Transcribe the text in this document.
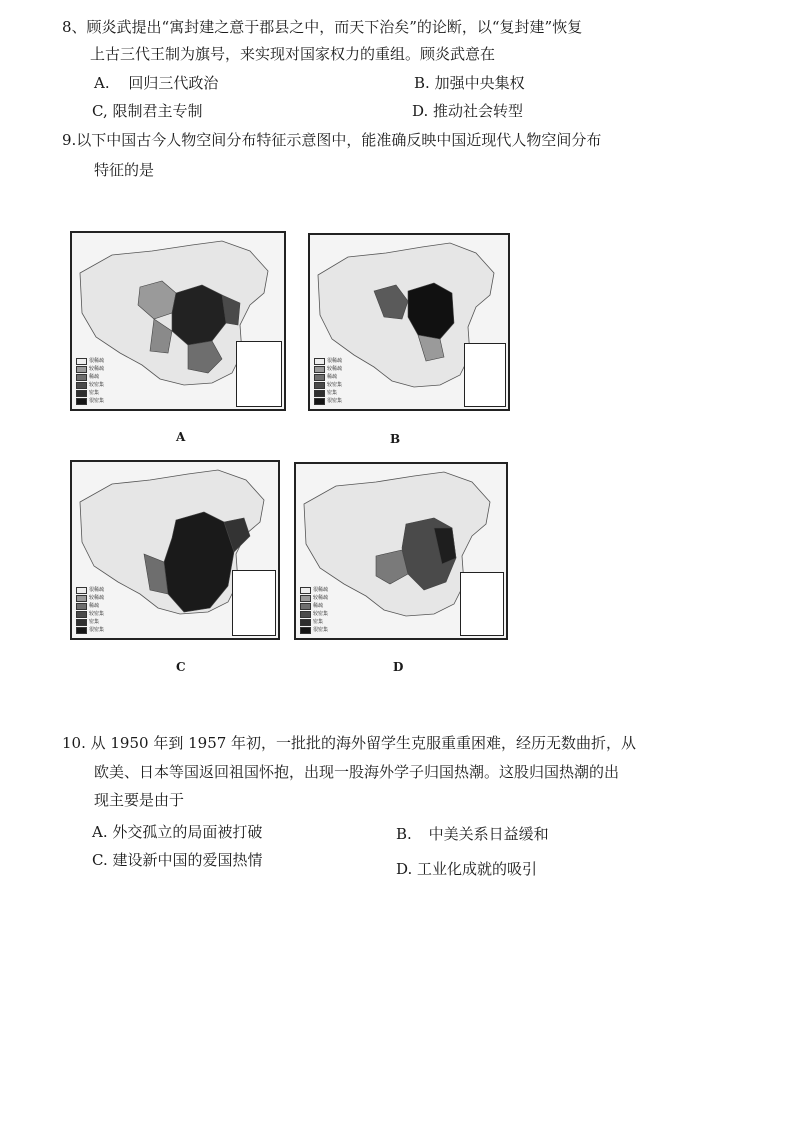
8、顾炎武提出“寓封建之意于郡县之中，而天下治矣”的论断，以“复封建”恢复
上古三代王制为旗号，来实现对国家权力的重组。顾炎武意在
A. 回归三代政治	B. 加强中央集权
C, 限制君主专制	D. 推动社会转型
9.以下中国古今人物空间分布特征示意图中，能准确反映中国近现代人物空间分布
特征的是
很稀疏
较稀疏
稀疏
较密集
密集
很密集
A
很稀疏
较稀疏
稀疏
较密集
密集
很密集
B
很稀疏
较稀疏
稀疏
较密集
密集
很密集
C
很稀疏
较稀疏
稀疏
较密集
密集
很密集
D
10. 从 1950 年到 1957 年初，一批批的海外留学生克服重重困难，经历无数曲折，从
欧美、日本等国返回祖国怀抱，出现一股海外学子归国热潮。这股归国热潮的出
现主要是由于
A. 外交孤立的局面被打破	B. 中美关系日益缓和
C. 建设新中国的爱国热情	D. 工业化成就的吸引
